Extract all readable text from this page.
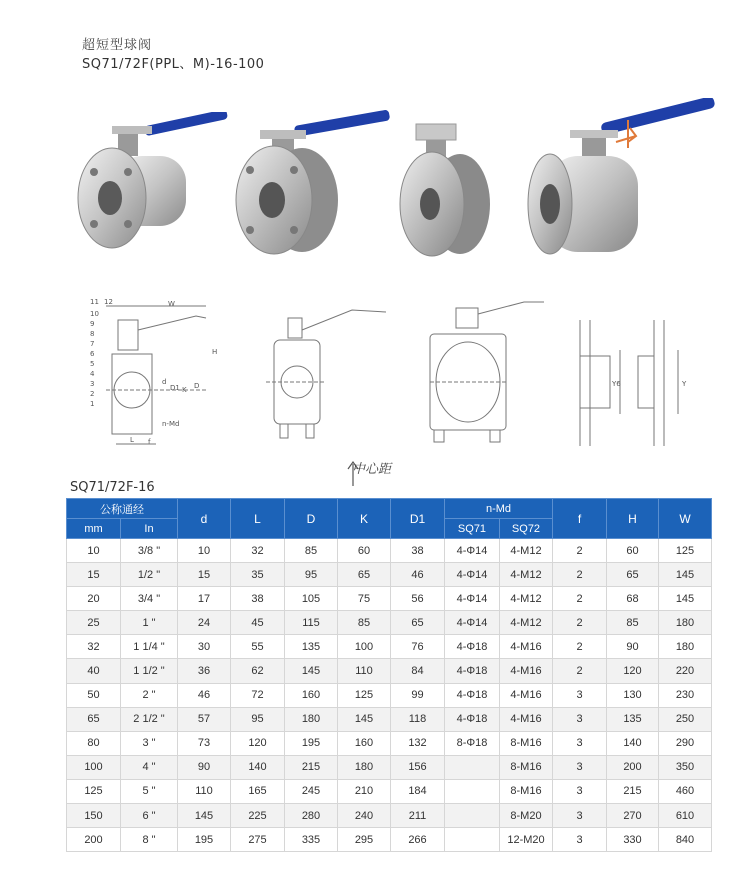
超短型球阀
SQ71/72F(PPL、M)-16-100
11 12
10
9
8
7
6
5
4
3
2
1
W
H
d
D1 K D
n-Md
L f
Y6	Y
中心距
SQ71/72F-16
公称通经		d	L	D	K	D1	n-Md		f	H	W
mm	In						SQ71	SQ72			
10	3/8 "	10	32	85	60	38	4-Φ14	4-M12	2	60	125
15	1/2 "	15	35	95	65	46	4-Φ14	4-M12	2	65	145
20	3/4 "	17	38	105	75	56	4-Φ14	4-M12	2	68	145
25	1 "	24	45	115	85	65	4-Φ14	4-M12	2	85	180
32	1 1/4 "	30	55	135	100	76	4-Φ18	4-M16	2	90	180
40	1 1/2 "	36	62	145	110	84	4-Φ18	4-M16	2	120	220
50	2 "	46	72	160	125	99	4-Φ18	4-M16	3	130	230
65	2 1/2 "	57	95	180	145	118	4-Φ18	4-M16	3	135	250
80	3 "	73	120	195	160	132	8-Φ18	8-M16	3	140	290
100	4 "	90	140	215	180	156		8-M16	3	200	350
125	5 "	110	165	245	210	184		8-M16	3	215	460
150	6 "	145	225	280	240	211		8-M20	3	270	610
200	8 "	195	275	335	295	266		12-M20	3	330	840
